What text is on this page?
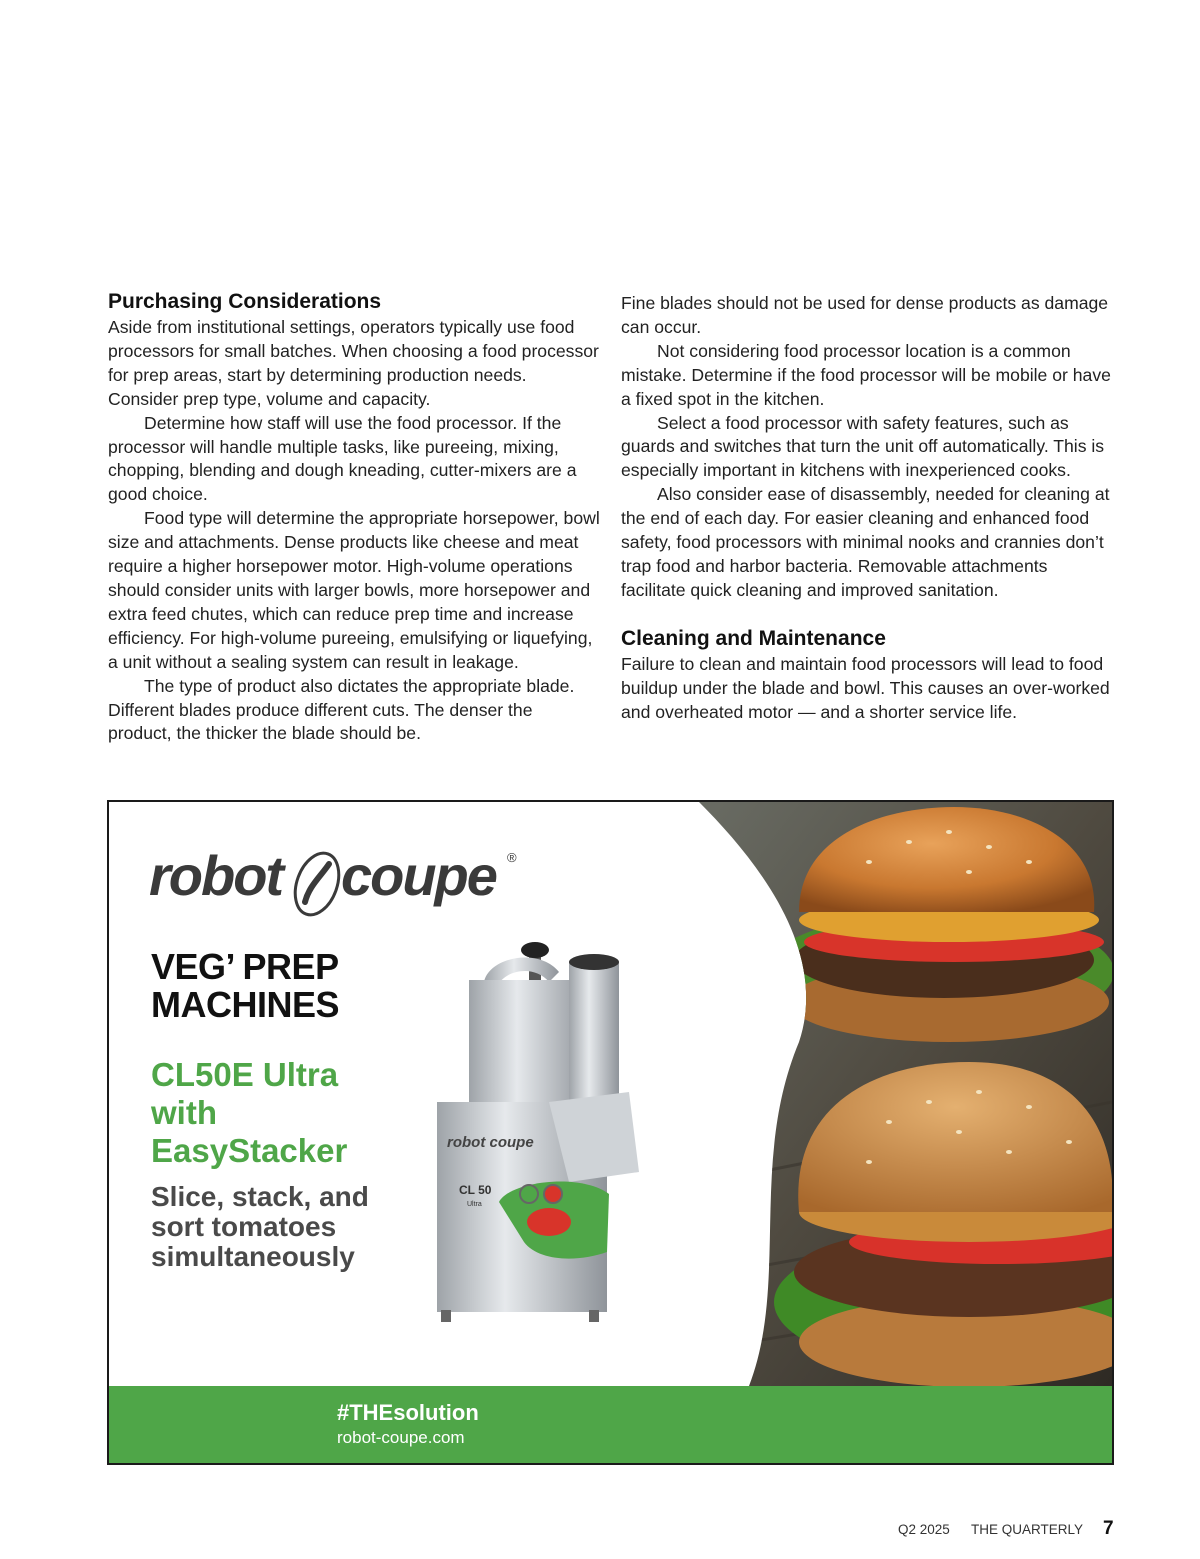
Purchasing Considerations

Aside from institutional settings, operators typically use food processors for small batches. When choosing a food processor for prep areas, start by determining production needs. Consider prep type, volume and capacity.

Determine how staff will use the food processor. If the processor will handle multiple tasks, like pureeing, mixing, chopping, blending and dough kneading, cutter-mixers are a good choice.

Food type will determine the appropriate horsepower, bowl size and attachments. Dense products like cheese and meat require a higher horsepower motor. High-volume operations should consider units with larger bowls, more horsepower and extra feed chutes, which can reduce prep time and increase efficiency. For high-volume pureeing, emulsifying or liquefying, a unit without a sealing system can result in leakage.

The type of product also dictates the appropriate blade. Different blades produce different cuts. The denser the product, the thicker the blade should be.

Fine blades should not be used for dense products as damage can occur.

Not considering food processor location is a common mistake. Determine if the food processor will be mobile or have a fixed spot in the kitchen.

Select a food processor with safety features, such as guards and switches that turn the unit off automatically. This is especially important in kitchens with inexperienced cooks.

Also consider ease of disassembly, needed for cleaning at the end of each day. For easier cleaning and enhanced food safety, food processors with minimal nooks and crannies don’t trap food and harbor bacteria. Removable attachments facilitate quick cleaning and improved sanitation.

Cleaning and Maintenance

Failure to clean and maintain food processors will lead to food buildup under the blade and bowl. This causes an over-worked and overheated motor — and a shorter service life.

robot coupe ®
VEG’ PREP
MACHINES
CL50E Ultra
with
EasyStacker
Slice, stack, and
sort tomatoes
simultaneously
robot coupe
CL 50
Ultra
#THEsolution
robot-coupe.com
Q2 2025 THE QUARTERLY 7
